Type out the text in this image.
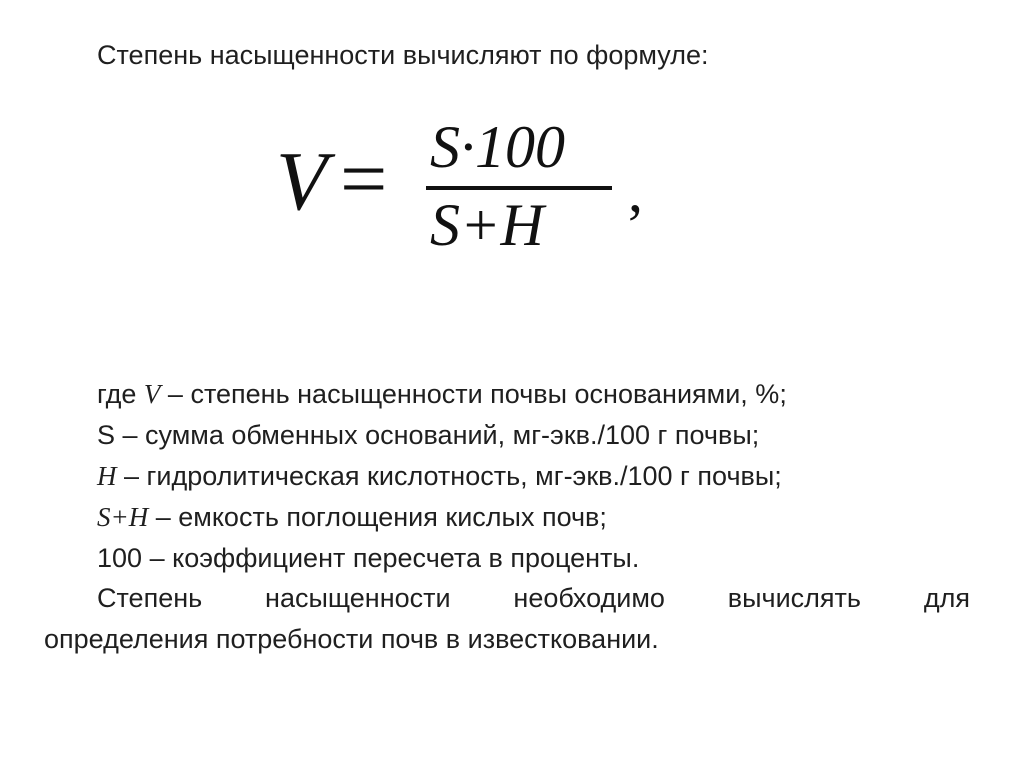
Степень насыщенности вычисляют по формуле:
V = S·100
S+H
,
где V – степень насыщенности почвы основаниями, %;
S – сумма обменных оснований, мг-экв./100 г почвы;
H – гидролитическая кислотность, мг-экв./100 г почвы;
S+H – емкость поглощения кислых почв;
100 – коэффициент пересчета в проценты.
Степень насыщенности необходимо вычислять для
определения потребности почв в известковании.
